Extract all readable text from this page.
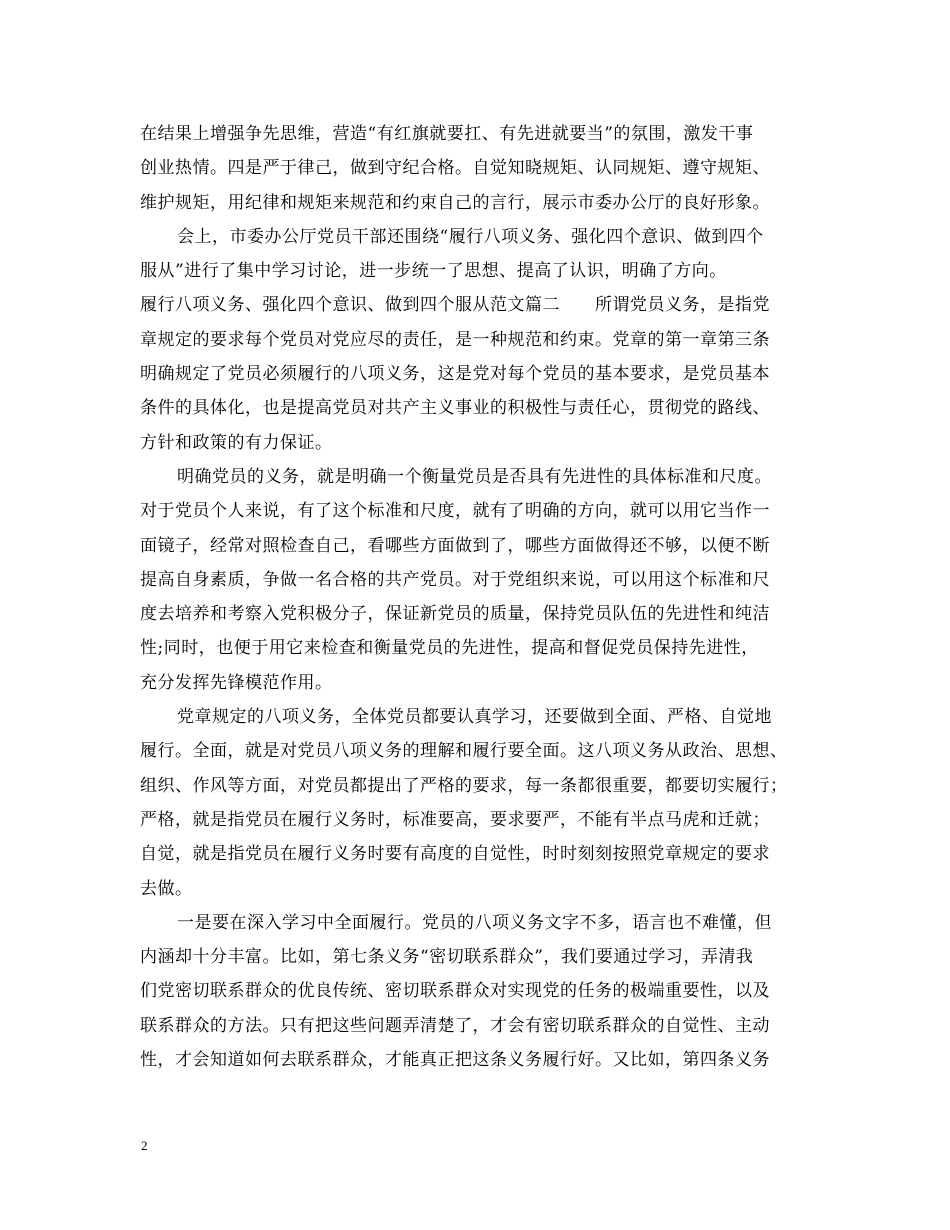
在结果上增强争先思维，营造“有红旗就要扛、有先进就要当”的氛围，激发干事
创业热情。四是严于律己，做到守纪合格。自觉知晓规矩、认同规矩、遵守规矩、
维护规矩，用纪律和规矩来规范和约束自己的言行，展示市委办公厅的良好形象。
会上，市委办公厅党员干部还围绕“履行八项义务、强化四个意识、做到四个
服从”进行了集中学习讨论，进一步统一了思想、提高了认识，明确了方向。
履行八项义务、强化四个意识、做到四个服从范文篇二　　所谓党员义务，是指党
章规定的要求每个党员对党应尽的责任，是一种规范和约束。党章的第一章第三条
明确规定了党员必须履行的八项义务，这是党对每个党员的基本要求，是党员基本
条件的具体化，也是提高党员对共产主义事业的积极性与责任心，贯彻党的路线、
方针和政策的有力保证。
明确党员的义务，就是明确一个衡量党员是否具有先进性的具体标准和尺度。
对于党员个人来说，有了这个标准和尺度，就有了明确的方向，就可以用它当作一
面镜子，经常对照检查自己，看哪些方面做到了，哪些方面做得还不够，以便不断
提高自身素质，争做一名合格的共产党员。对于党组织来说，可以用这个标准和尺
度去培养和考察入党积极分子，保证新党员的质量，保持党员队伍的先进性和纯洁
性;同时，也便于用它来检查和衡量党员的先进性，提高和督促党员保持先进性，
充分发挥先锋模范作用。
党章规定的八项义务，全体党员都要认真学习，还要做到全面、严格、自觉地
履行。全面，就是对党员八项义务的理解和履行要全面。这八项义务从政治、思想、
组织、作风等方面，对党员都提出了严格的要求，每一条都很重要，都要切实履行；
严格，就是指党员在履行义务时，标准要高，要求要严，不能有半点马虎和迁就；
自觉，就是指党员在履行义务时要有高度的自觉性，时时刻刻按照党章规定的要求
去做。
一是要在深入学习中全面履行。党员的八项义务文字不多，语言也不难懂，但
内涵却十分丰富。比如，第七条义务“密切联系群众”，我们要通过学习，弄清我
们党密切联系群众的优良传统、密切联系群众对实现党的任务的极端重要性，以及
联系群众的方法。只有把这些问题弄清楚了，才会有密切联系群众的自觉性、主动
性，才会知道如何去联系群众，才能真正把这条义务履行好。又比如，第四条义务
2
